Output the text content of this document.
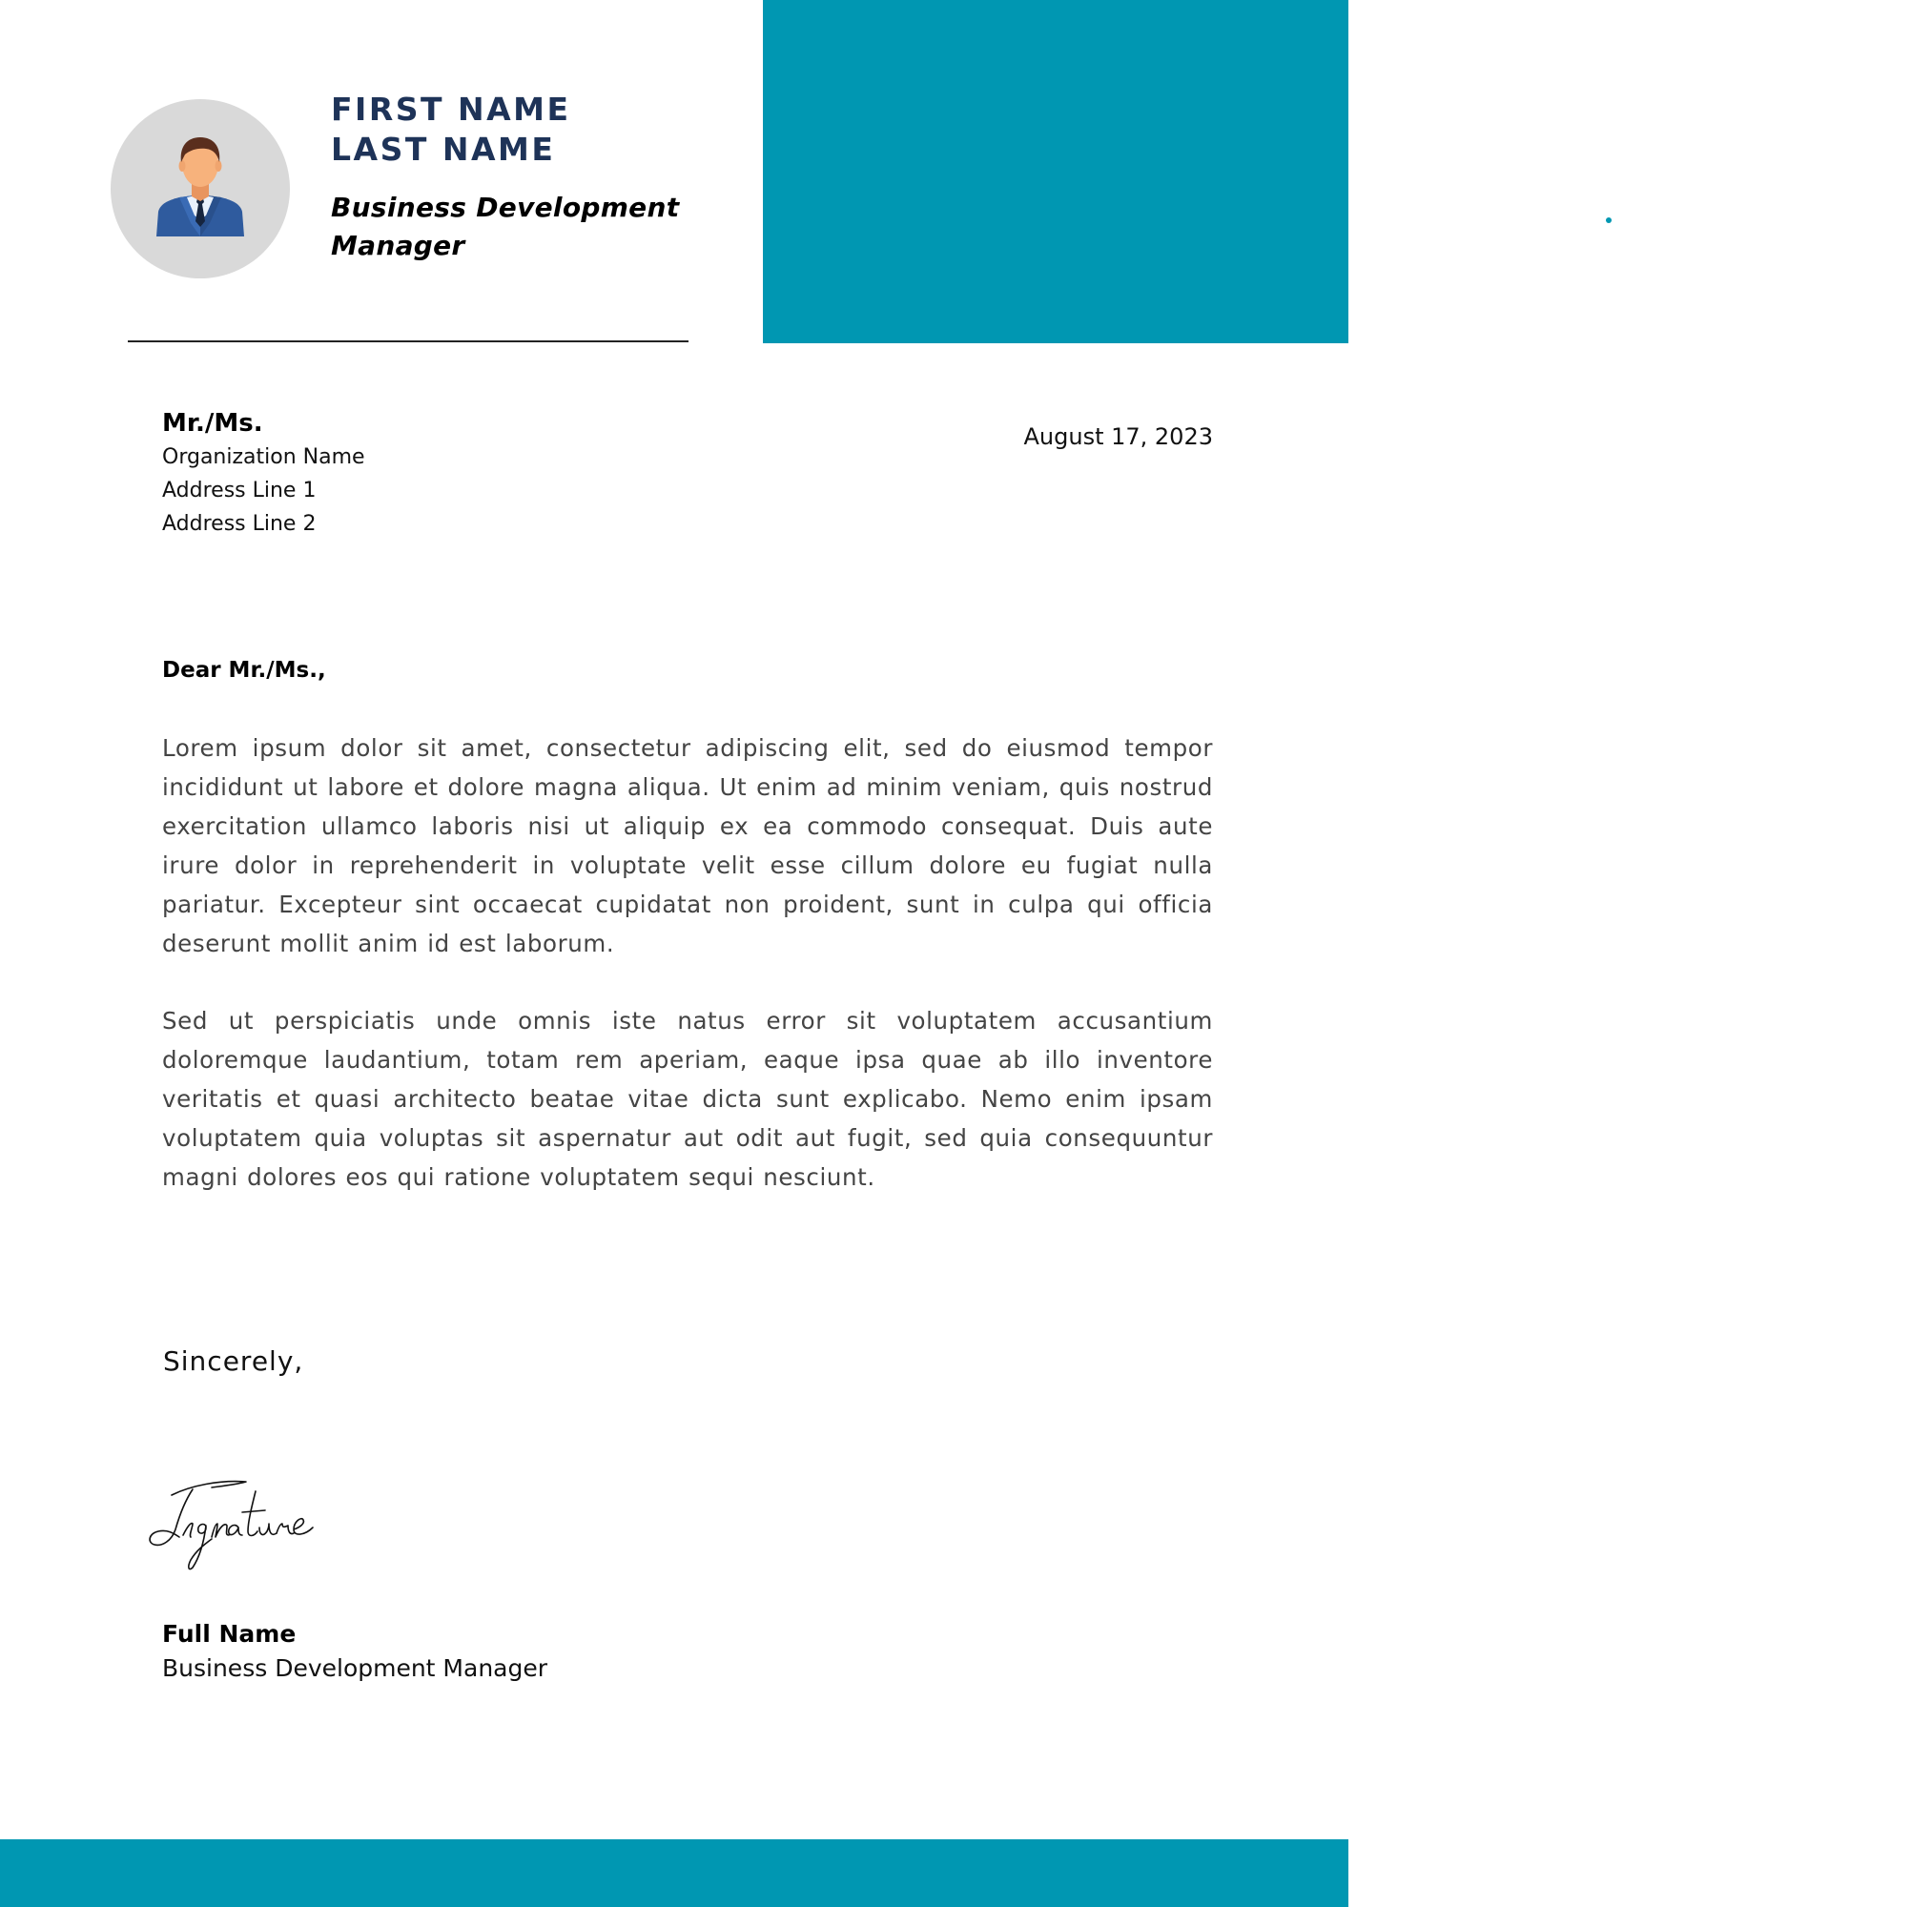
123-456-7890
hello@reallygreatsite.com
123 Anywhere St., Any City, ST 12345
FIRST NAME
LAST NAME
Business Development
Manager
Mr./Ms.
Organization Name
Address Line 1
Address Line 2
August 17, 2023
Dear Mr./Ms.,

Lorem ipsum dolor sit amet, consectetur adipiscing elit, sed do eiusmod tempor incididunt ut labore et dolore magna aliqua. Ut enim ad minim veniam, quis nostrud exercitation ullamco laboris nisi ut aliquip ex ea commodo consequat. Duis aute irure dolor in reprehenderit in voluptate velit esse cillum dolore eu fugiat nulla pariatur. Excepteur sint occaecat cupidatat non proident, sunt in culpa qui officia deserunt mollit anim id est laborum.

Sed ut perspiciatis unde omnis iste natus error sit voluptatem accusantium doloremque laudantium, totam rem aperiam, eaque ipsa quae ab illo inventore veritatis et quasi architecto beatae vitae dicta sunt explicabo. Nemo enim ipsam voluptatem quia voluptas sit aspernatur aut odit aut fugit, sed quia consequuntur magni dolores eos qui ratione voluptatem sequi nesciunt.

Sincerely,
Full Name
Business Development Manager
